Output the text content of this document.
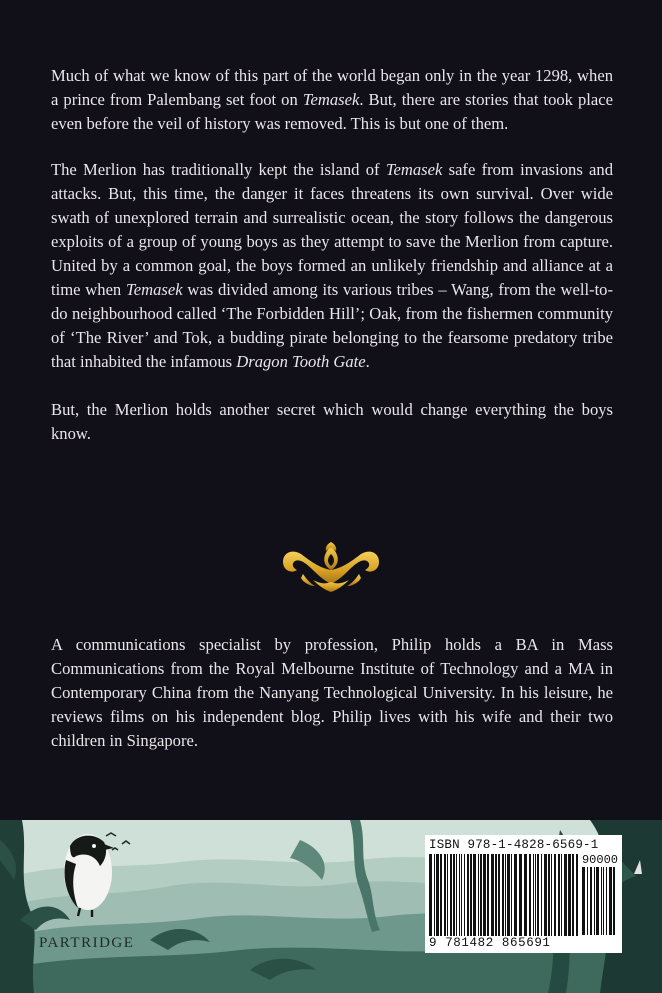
Much of what we know of this part of the world began only in the year 1298, when a prince from Palembang set foot on Temasek. But, there are stories that took place even before the veil of history was removed. This is but one of them.

The Merlion has traditionally kept the island of Temasek safe from invasions and attacks. But, this time, the danger it faces threatens its own survival. Over wide swath of unexplored terrain and surrealistic ocean, the story follows the dangerous exploits of a group of young boys as they attempt to save the Merlion from capture. United by a common goal, the boys formed an unlikely friendship and alliance at a time when Temasek was divided among its various tribes – Wang, from the well-to-do neighbourhood called ‘The Forbidden Hill’; Oak, from the fishermen community of ‘The River’ and Tok, a budding pirate belonging to the fearsome predatory tribe that inhabited the infamous Dragon Tooth Gate.

But, the Merlion holds another secret which would change everything the boys know.

A communications specialist by profession, Philip holds a BA in Mass Communications from the Royal Melbourne Institute of Technology and a MA in Contemporary China from the Nanyang Technological University. In his leisure, he reviews films on his independent blog. Philip lives with his wife and their two children in Singapore.

PARTRIDGE
ISBN 978-1-4828-6569-1
90000
9 781482 865691
